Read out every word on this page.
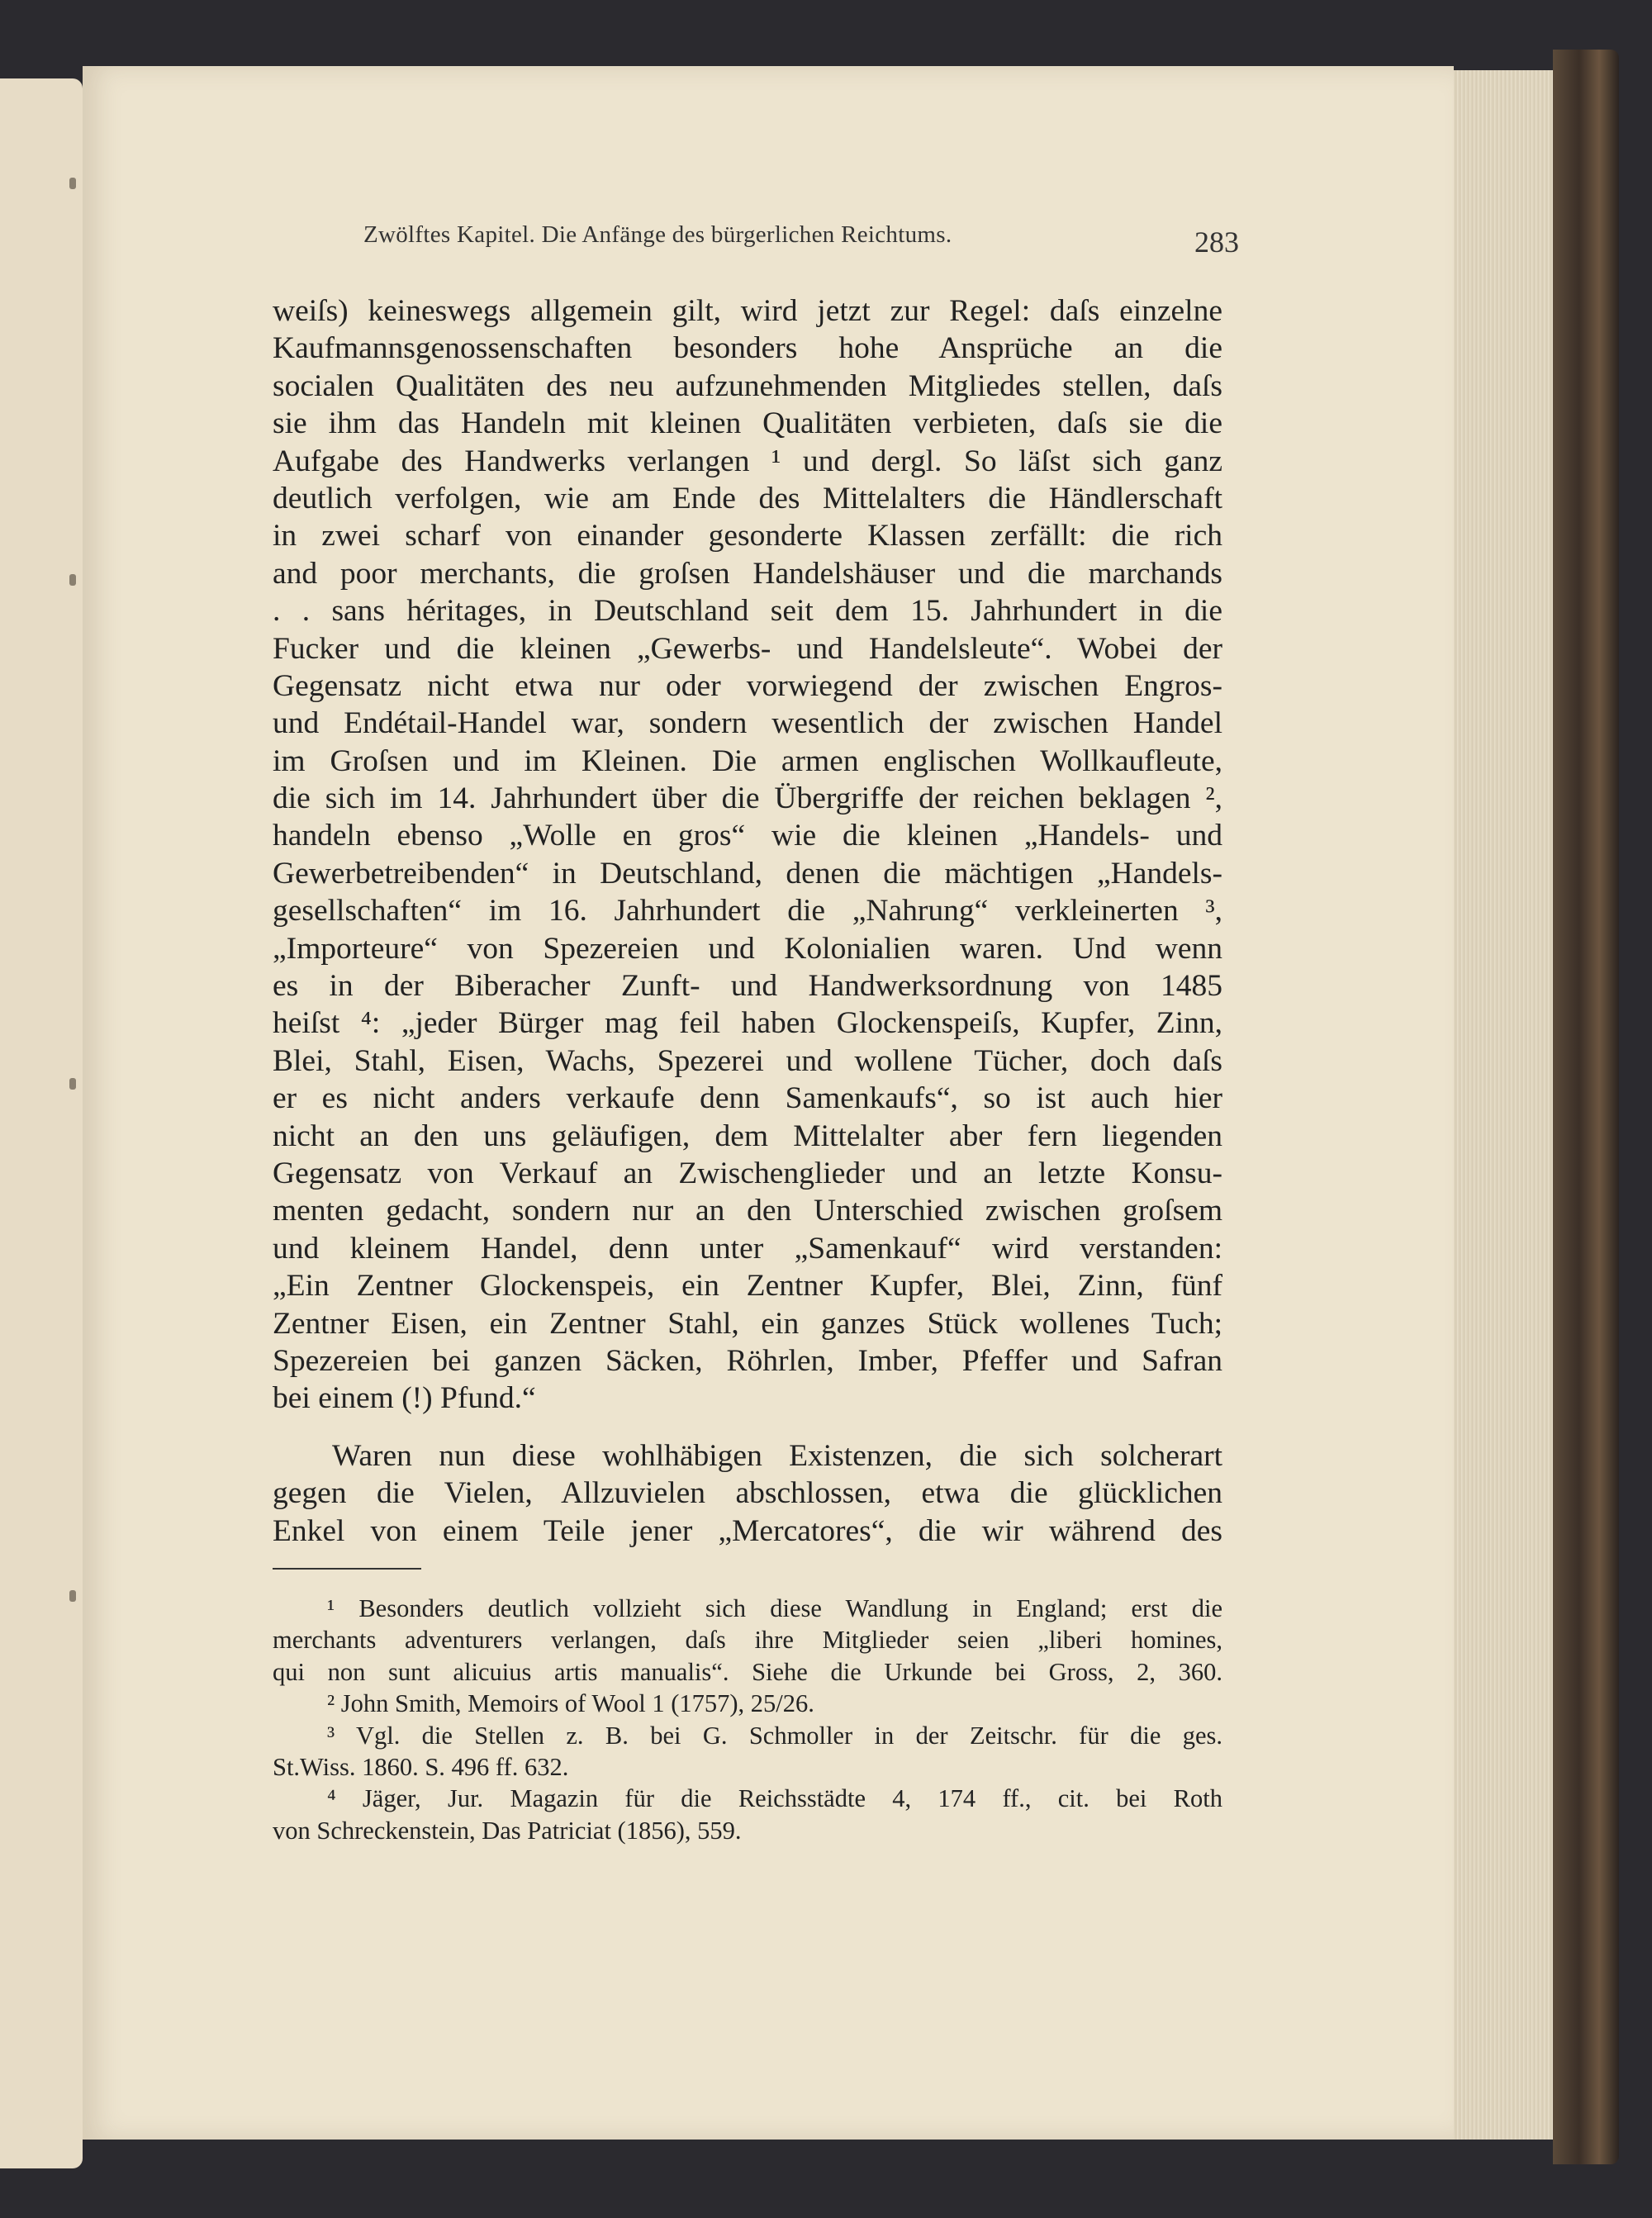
Zwölftes Kapitel. Die Anfänge des bürgerlichen Reichtums.	283
weiſs) keineswegs allgemein gilt, wird jetzt zur Regel: daſs einzelne
Kaufmannsgenossenschaften besonders hohe Ansprüche an die
socialen Qualitäten des neu aufzunehmenden Mitgliedes stellen, daſs
sie ihm das Handeln mit kleinen Qualitäten verbieten, daſs sie die
Aufgabe des Handwerks verlangen ¹ und dergl. So läſst sich ganz
deutlich verfolgen, wie am Ende des Mittelalters die Händlerschaft
in zwei scharf von einander gesonderte Klassen zerfällt: die rich
and poor merchants, die groſsen Handelshäuser und die marchands
. . sans héritages, in Deutschland seit dem 15. Jahrhundert in die
Fucker und die kleinen „Gewerbs- und Handelsleute“. Wobei der
Gegensatz nicht etwa nur oder vorwiegend der zwischen Engros-
und Endétail-Handel war, sondern wesentlich der zwischen Handel
im Groſsen und im Kleinen. Die armen englischen Wollkaufleute,
die sich im 14. Jahrhundert über die Übergriffe der reichen beklagen ²,
handeln ebenso „Wolle en gros“ wie die kleinen „Handels- und
Gewerbetreibenden“ in Deutschland, denen die mächtigen „Handels-
gesellschaften“ im 16. Jahrhundert die „Nahrung“ verkleinerten ³,
„Importeure“ von Spezereien und Kolonialien waren. Und wenn
es in der Biberacher Zunft- und Handwerksordnung von 1485
heiſst ⁴: „jeder Bürger mag feil haben Glockenspeiſs, Kupfer, Zinn,
Blei, Stahl, Eisen, Wachs, Spezerei und wollene Tücher, doch daſs
er es nicht anders verkaufe denn Samenkaufs“, so ist auch hier
nicht an den uns geläufigen, dem Mittelalter aber fern liegenden
Gegensatz von Verkauf an Zwischenglieder und an letzte Konsu-
menten gedacht, sondern nur an den Unterschied zwischen groſsem
und kleinem Handel, denn unter „Samenkauf“ wird verstanden:
„Ein Zentner Glockenspeis, ein Zentner Kupfer, Blei, Zinn, fünf
Zentner Eisen, ein Zentner Stahl, ein ganzes Stück wollenes Tuch;
Spezereien bei ganzen Säcken, Röhrlen, Imber, Pfeffer und Safran
bei einem (!) Pfund.“
Waren nun diese wohlhäbigen Existenzen, die sich solcherart
gegen die Vielen, Allzuvielen abschlossen, etwa die glücklichen
Enkel von einem Teile jener „Mercatores“, die wir während des
¹ Besonders deutlich vollzieht sich diese Wandlung in England; erst die
merchants adventurers verlangen, daſs ihre Mitglieder seien „liberi homines,
qui non sunt alicuius artis manualis“. Siehe die Urkunde bei Gross, 2, 360.
² John Smith, Memoirs of Wool 1 (1757), 25/26.
³ Vgl. die Stellen z. B. bei G. Schmoller in der Zeitschr. für die ges.
St.Wiss. 1860. S. 496 ff. 632.
⁴ Jäger, Jur. Magazin für die Reichsstädte 4, 174 ff., cit. bei Roth
von Schreckenstein, Das Patriciat (1856), 559.
